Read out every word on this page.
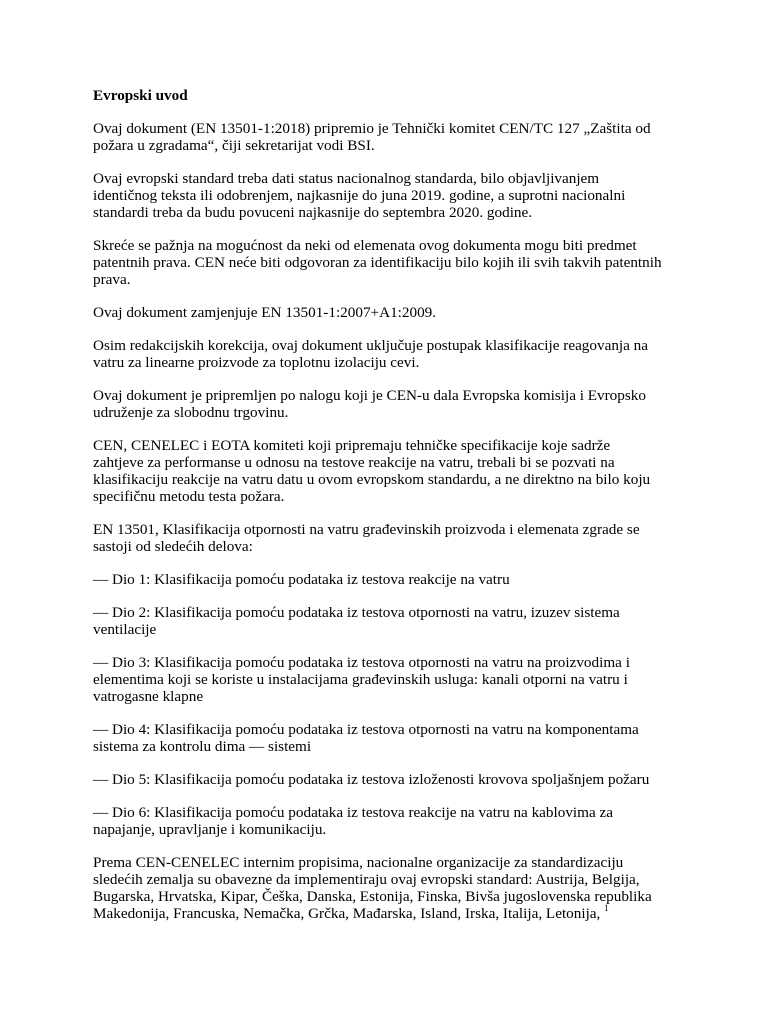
Evropski uvod

Ovaj dokument (EN 13501-1:2018) pripremio je Tehnički komitet CEN/TC 127 „Zaštita od
požara u zgradama“, čiji sekretarijat vodi BSI.

Ovaj evropski standard treba dati status nacionalnog standarda, bilo objavljivanjem
identičnog teksta ili odobrenjem, najkasnije do juna 2019. godine, a suprotni nacionalni
standardi treba da budu povuceni najkasnije do septembra 2020. godine.

Skreće se pažnja na mogućnost da neki od elemenata ovog dokumenta mogu biti predmet
patentnih prava. CEN neće biti odgovoran za identifikaciju bilo kojih ili svih takvih patentnih
prava.

Ovaj dokument zamjenjuje EN 13501-1:2007+A1:2009.

Osim redakcijskih korekcija, ovaj dokument uključuje postupak klasifikacije reagovanja na
vatru za linearne proizvode za toplotnu izolaciju cevi.

Ovaj dokument je pripremljen po nalogu koji je CEN-u dala Evropska komisija i Evropsko
udruženje za slobodnu trgovinu.

CEN, CENELEC i EOTA komiteti koji pripremaju tehničke specifikacije koje sadrže
zahtjeve za performanse u odnosu na testove reakcije na vatru, trebali bi se pozvati na
klasifikaciju reakcije na vatru datu u ovom evropskom standardu, a ne direktno na bilo koju
specifičnu metodu testa požara.

EN 13501, Klasifikacija otpornosti na vatru građevinskih proizvoda i elemenata zgrade se
sastoji od sledećih delova:

— Dio 1: Klasifikacija pomoću podataka iz testova reakcije na vatru

— Dio 2: Klasifikacija pomoću podataka iz testova otpornosti na vatru, izuzev sistema
ventilacije

— Dio 3: Klasifikacija pomoću podataka iz testova otpornosti na vatru na proizvodima i
elementima koji se koriste u instalacijama građevinskih usluga: kanali otporni na vatru i
vatrogasne klapne

— Dio 4: Klasifikacija pomoću podataka iz testova otpornosti na vatru na komponentama
sistema za kontrolu dima — sistemi

— Dio 5: Klasifikacija pomoću podataka iz testova izloženosti krovova spoljašnjem požaru

— Dio 6: Klasifikacija pomoću podataka iz testova reakcije na vatru na kablovima za
napajanje, upravljanje i komunikaciju.

Prema CEN-CENELEC internim propisima, nacionalne organizacije za standardizaciju
sledećih zemalja su obavezne da implementiraju ovaj evropski standard: Austrija, Belgija,
Bugarska, Hrvatska, Kipar, Češka, Danska, Estonija, Finska, Bivša jugoslovenska republika
Makedonija, Francuska, Nemačka, Grčka, Mađarska, Island, Irska, Italija, Letonija, $^1$
